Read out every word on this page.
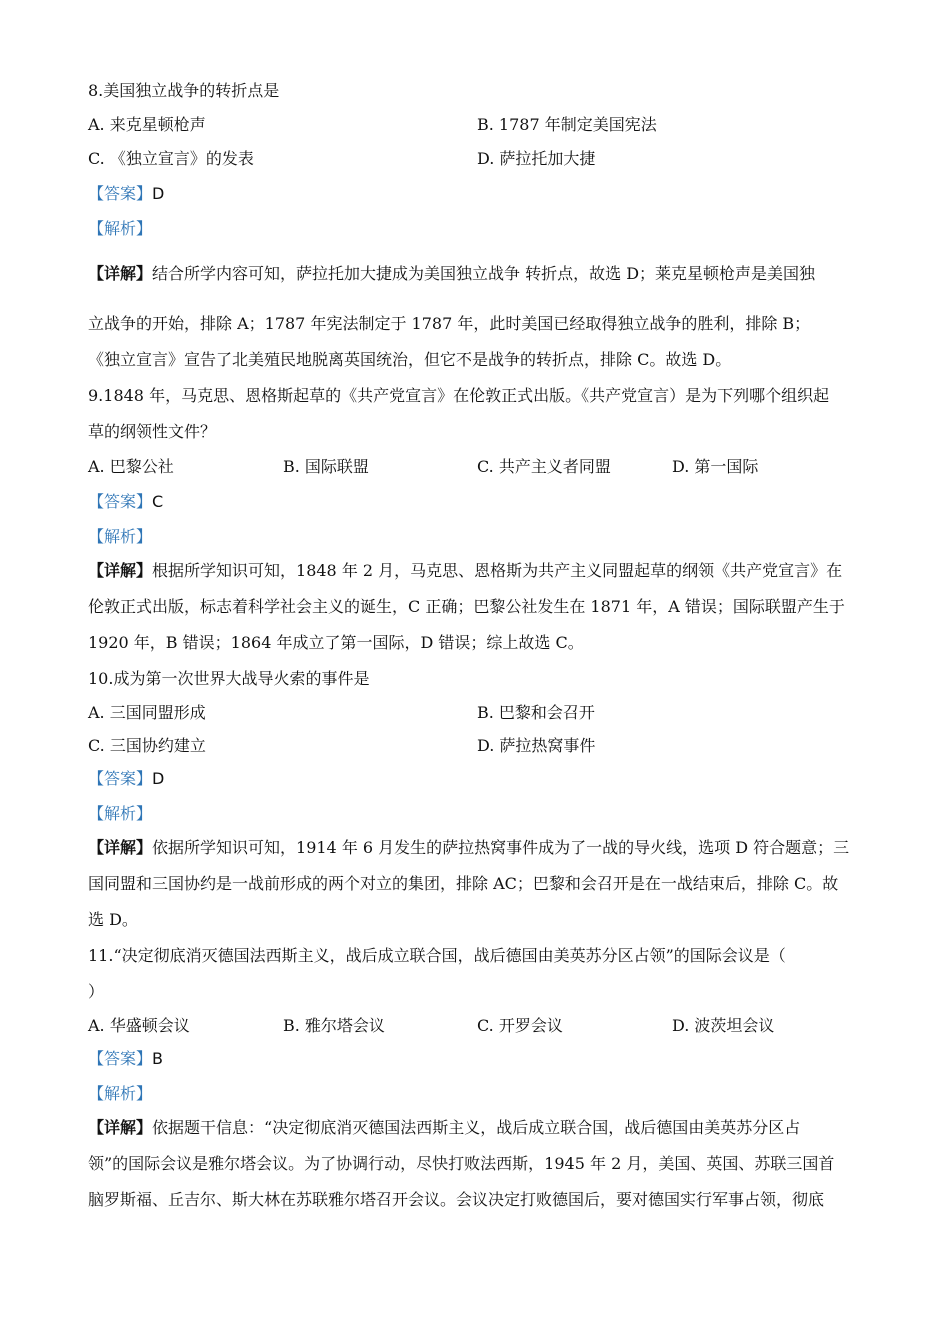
8.美国独立战争的转折点是
A. 来克星顿枪声	B. 1787 年制定美国宪法
C. 《独立宣言》的发表	D. 萨拉托加大捷
【答案】D
【解析】
【详解】结合所学内容可知，萨拉托加大捷成为美国独立战争 转折点，故选 D；莱克星顿枪声是美国独
立战争的开始，排除 A；1787 年宪法制定于 1787 年，此时美国已经取得独立战争的胜利，排除 B；
《独立宣言》宣告了北美殖民地脱离英国统治，但它不是战争的转折点，排除 C。故选 D。
9.1848 年，马克思、恩格斯起草的《共产党宣言》在伦敦正式出版。《共产党宣言）是为下列哪个组织起
草的纲领性文件？
A. 巴黎公社	B. 国际联盟	C. 共产主义者同盟	D. 第一国际
【答案】C
【解析】
【详解】根据所学知识可知，1848 年 2 月，马克思、恩格斯为共产主义同盟起草的纲领《共产党宣言》在
伦敦正式出版，标志着科学社会主义的诞生，C 正确；巴黎公社发生在 1871 年，A 错误；国际联盟产生于
1920 年，B 错误；1864 年成立了第一国际，D 错误；综上故选 C。
10.成为第一次世界大战导火索的事件是
A. 三国同盟形成	B. 巴黎和会召开
C. 三国协约建立	D. 萨拉热窝事件
【答案】D
【解析】
【详解】依据所学知识可知，1914 年 6 月发生的萨拉热窝事件成为了一战的导火线，选项 D 符合题意；三
国同盟和三国协约是一战前形成的两个对立的集团，排除 AC；巴黎和会召开是在一战结束后，排除 C。故
选 D。
11.“决定彻底消灭德国法西斯主义，战后成立联合国，战后德国由美英苏分区占领”的国际会议是（
）
A. 华盛顿会议	B. 雅尔塔会议	C. 开罗会议	D. 波茨坦会议
【答案】B
【解析】
【详解】依据题干信息：“决定彻底消灭德国法西斯主义，战后成立联合国，战后德国由美英苏分区占
领”的国际会议是雅尔塔会议。为了协调行动，尽快打败法西斯，1945 年 2 月，美国、英国、苏联三国首
脑罗斯福、丘吉尔、斯大林在苏联雅尔塔召开会议。会议决定打败德国后，要对德国实行军事占领，彻底
